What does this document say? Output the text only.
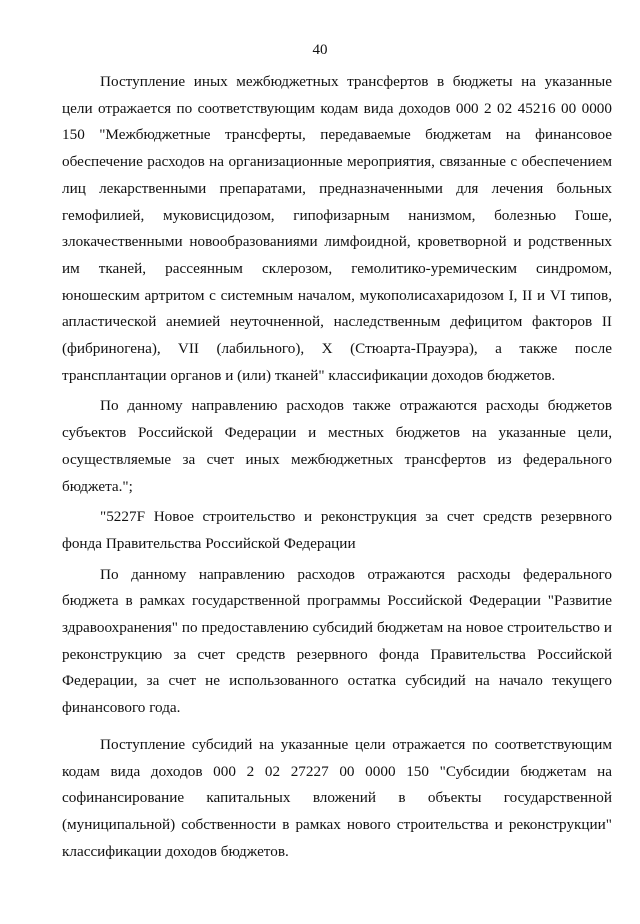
40

Поступление иных межбюджетных трансфертов в бюджеты на указанные цели отражается по соответствующим кодам вида доходов 000 2 02 45216 00 0000 150 "Межбюджетные трансферты, передаваемые бюджетам на финансовое обеспечение расходов на организационные мероприятия, связанные с обеспечением лиц лекарственными препаратами, предназначенными для лечения больных гемофилией, муковисцидозом, гипофизарным нанизмом, болезнью Гоше, злокачественными новообразованиями лимфоидной, кроветворной и родственных им тканей, рассеянным склерозом, гемолитико-уремическим синдромом, юношеским артритом с системным началом, мукополисахаридозом I, II и VI типов, апластической анемией неуточненной, наследственным дефицитом факторов II (фибриногена), VII (лабильного), X (Стюарта-Прауэра), а также после трансплантации органов и (или) тканей" классификации доходов бюджетов.

По данному направлению расходов также отражаются расходы бюджетов субъектов Российской Федерации и местных бюджетов на указанные цели, осуществляемые за счет иных межбюджетных трансфертов из федерального бюджета.";

"5227F Новое строительство и реконструкция за счет средств резервного фонда Правительства Российской Федерации

По данному направлению расходов отражаются расходы федерального бюджета в рамках государственной программы Российской Федерации "Развитие здравоохранения" по предоставлению субсидий бюджетам на новое строительство и реконструкцию за счет средств резервного фонда Правительства Российской Федерации, за счет не использованного остатка субсидий на начало текущего финансового года.

Поступление субсидий на указанные цели отражается по соответствующим кодам вида доходов 000 2 02 27227 00 0000 150 "Субсидии бюджетам на софинансирование капитальных вложений в объекты государственной (муниципальной) собственности в рамках нового строительства и реконструкции" классификации доходов бюджетов.
